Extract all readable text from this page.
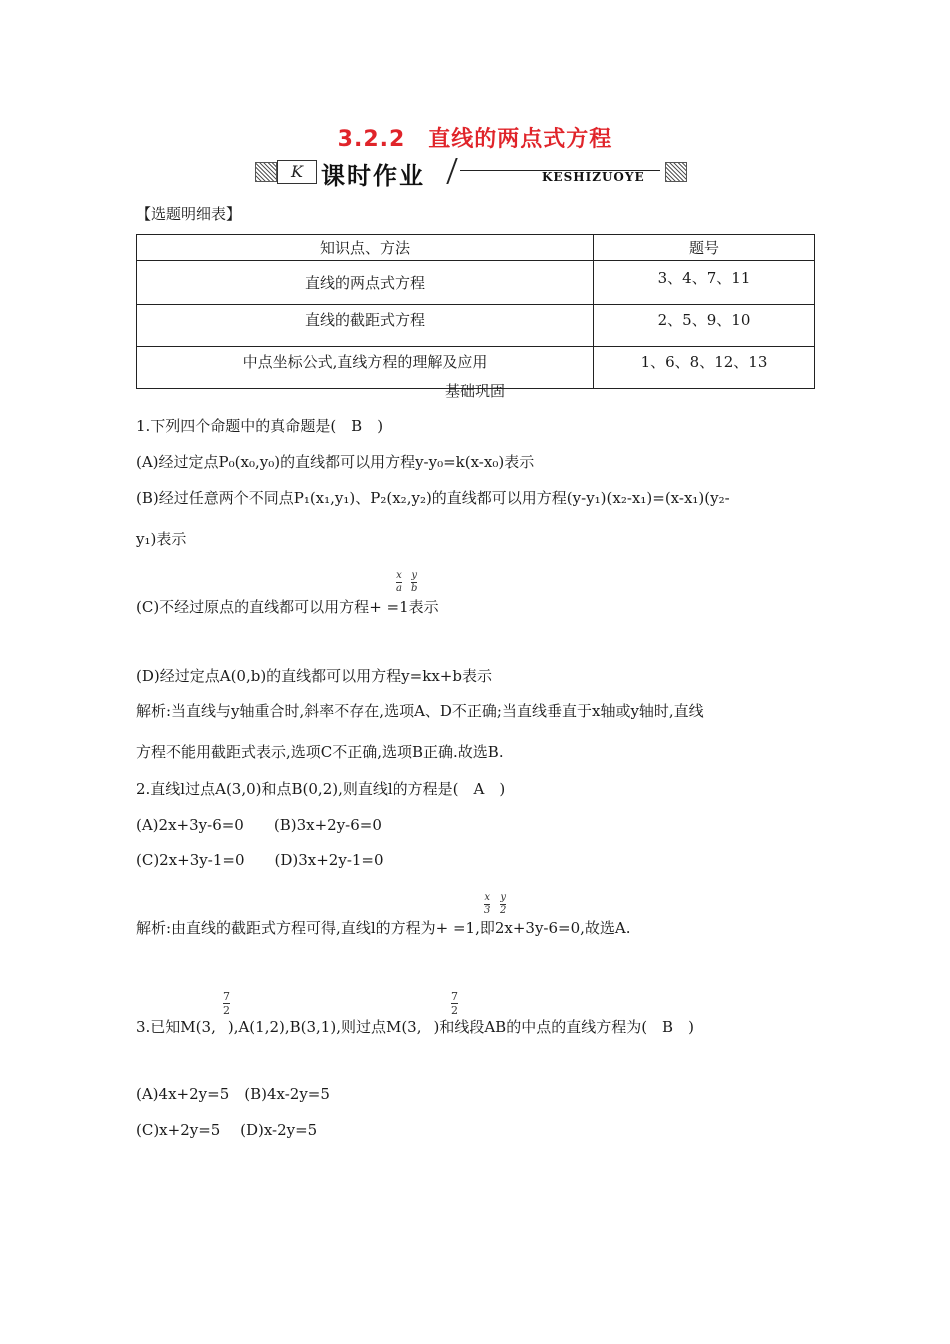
3.2.2　直线的两点式方程
K 课时作业	KESHIZUOYE
【选题明细表】
知识点、方法	题号
直线的两点式方程	3、4、7、11
直线的截距式方程	2、5、9、10
中点坐标公式,直线方程的理解及应用	1、6、8、12、13
基础巩固
1.下列四个命题中的真命题是(　B　)
(A)经过定点P₀(x₀,y₀)的直线都可以用方程y-y₀=k(x-x₀)表示
(B)经过任意两个不同点P₁(x₁,y₁)、P₂(x₂,y₂)的直线都可以用方程(y-y₁)(x₂-x₁)=(x-x₁)(y₂-
y₁)表示
$\frac{x}{a} \frac{y}{b}$
(C)不经过原点的直线都可以用方程+ =1表示
(D)经过定点A(0,b)的直线都可以用方程y=kx+b表示
解析:当直线与y轴重合时,斜率不存在,选项A、D不正确;当直线垂直于x轴或y轴时,直线
方程不能用截距式表示,选项C不正确,选项B正确.故选B.
2.直线l过点A(3,0)和点B(0,2),则直线l的方程是(　A　)
(A)2x+3y-6=0　　(B)3x+2y-6=0
(C)2x+3y-1=0　　(D)3x+2y-1=0
$\frac{x}{3} \frac{y}{2}$
解析:由直线的截距式方程可得,直线l的方程为+ =1,即2x+3y-6=0,故选A.
$\frac{7}{2}$	$\frac{7}{2}$
3.已知M(3, ),A(1,2),B(3,1),则过点M(3, )和线段AB的中点的直线方程为(　B　)
(A)4x+2y=5　(B)4x-2y=5
(C)x+2y=5　 (D)x-2y=5
